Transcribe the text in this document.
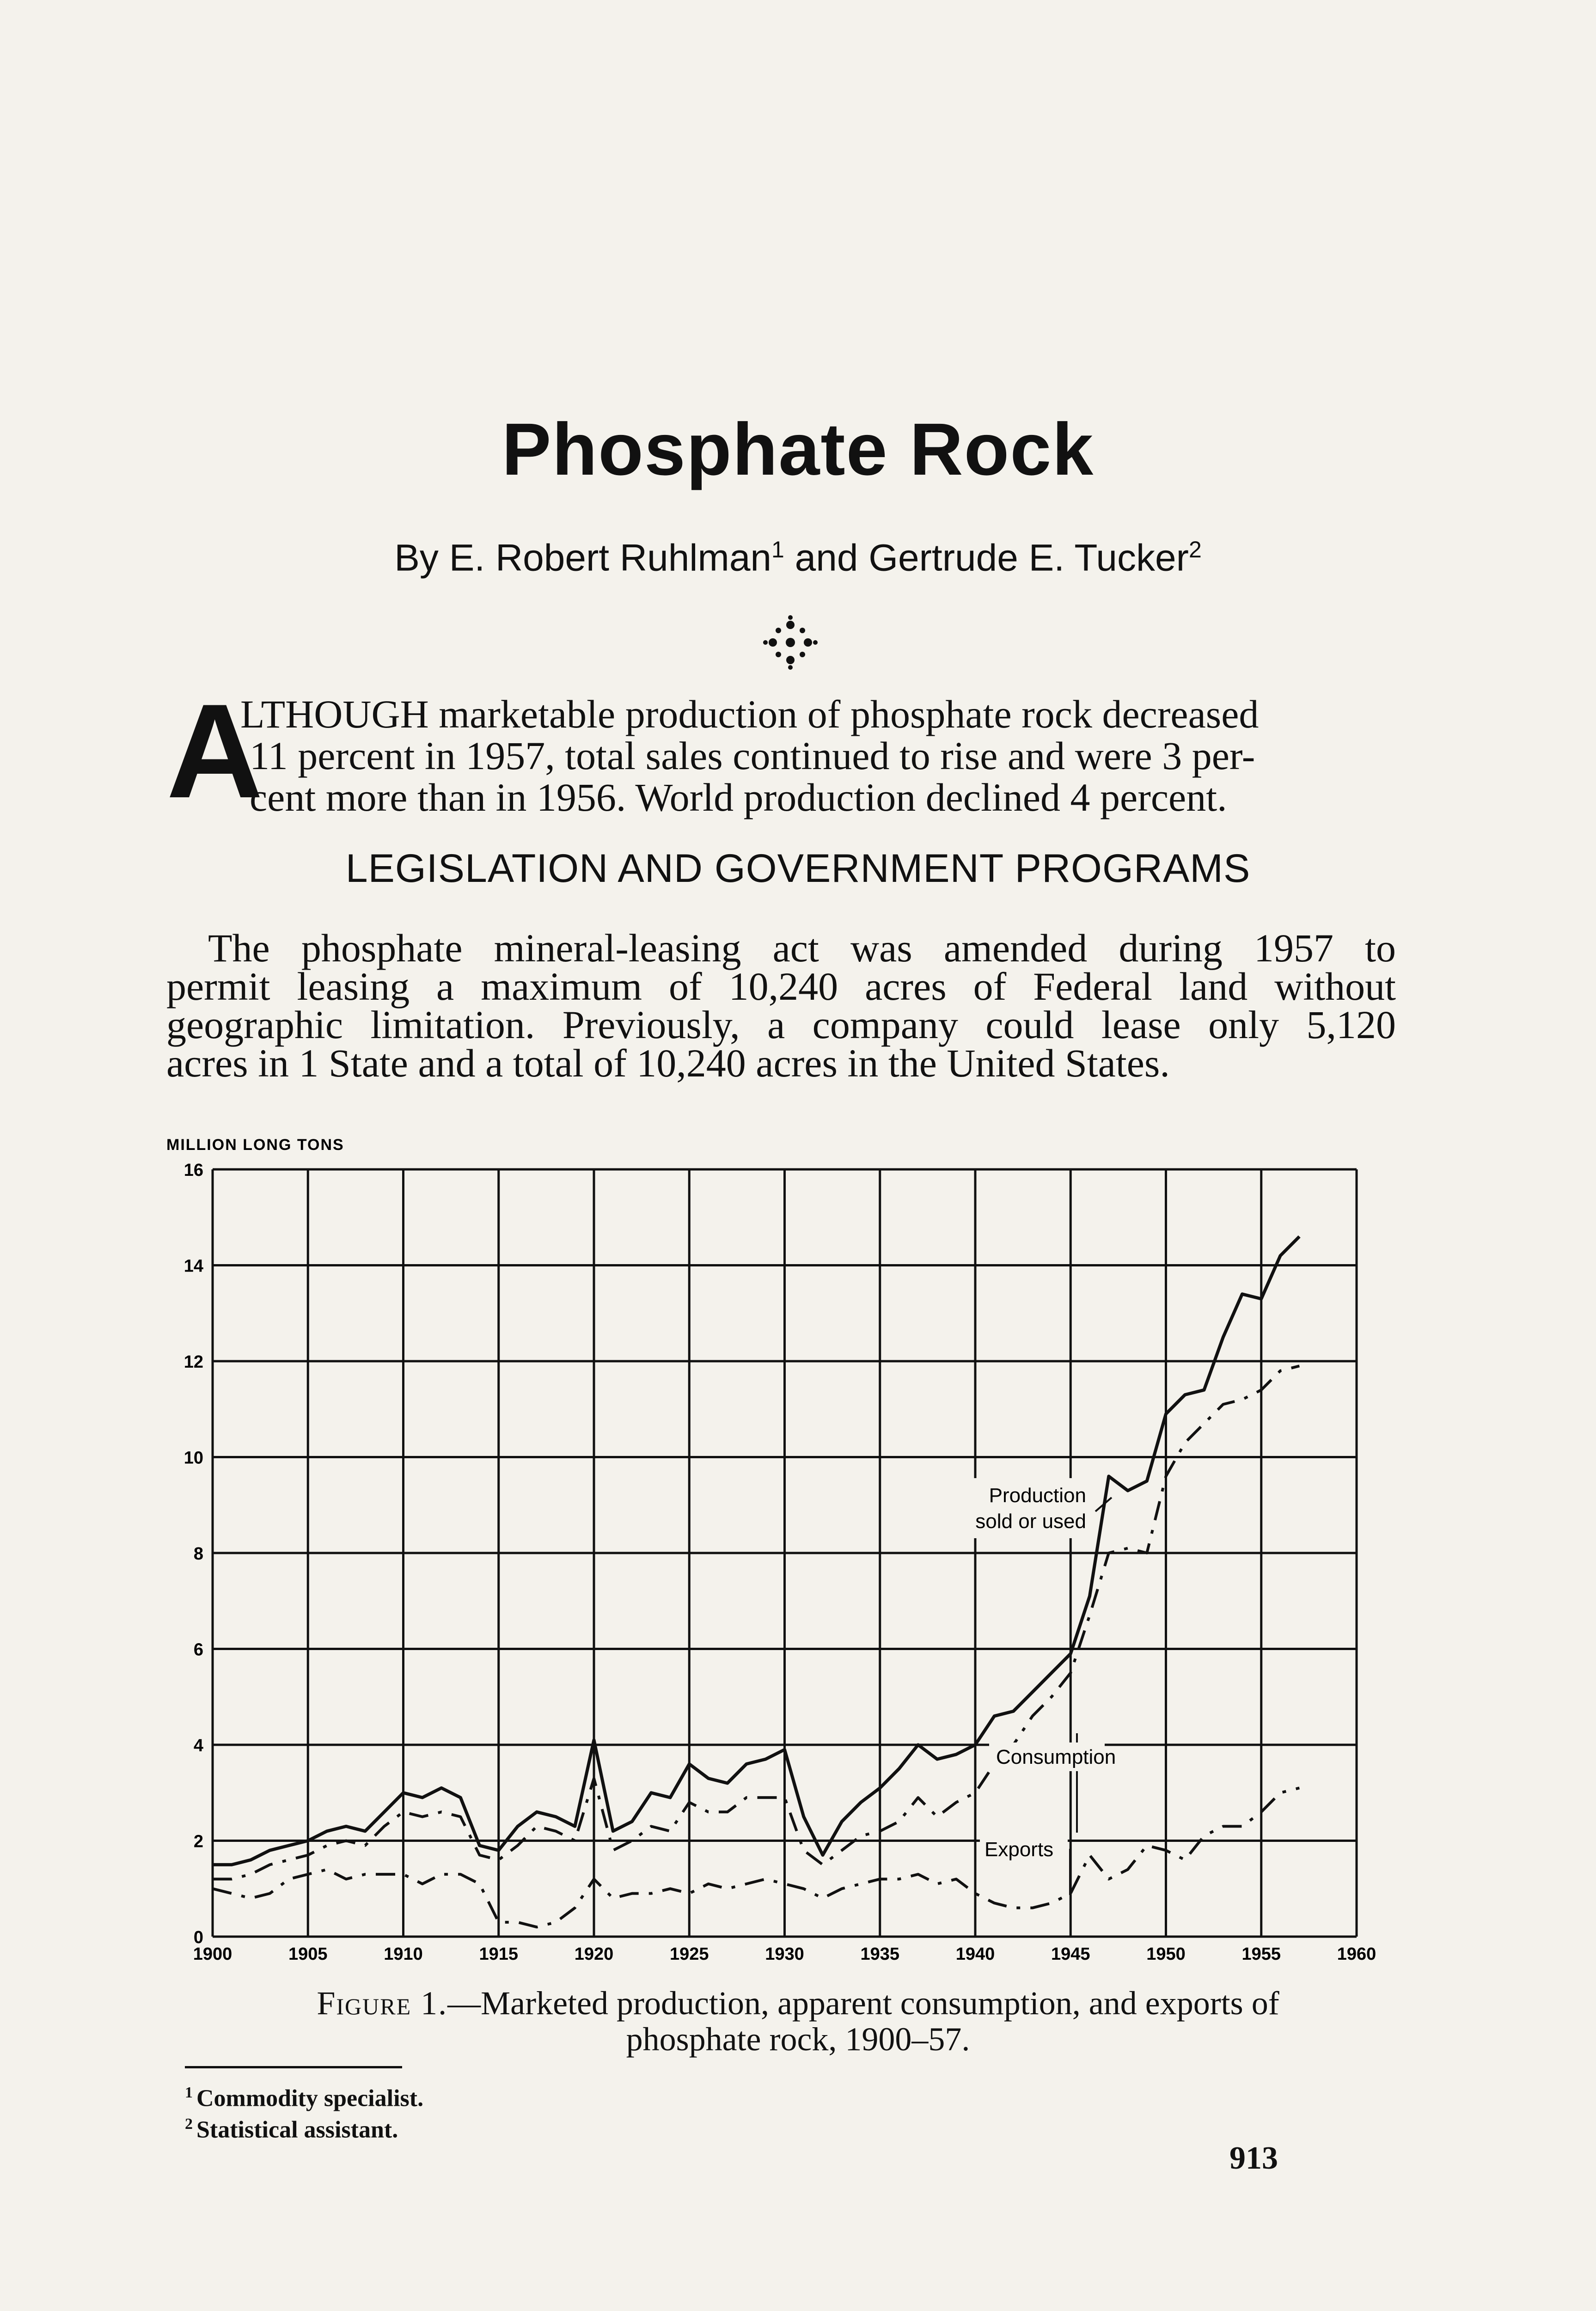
Phosphate Rock
By E. Robert Ruhlman$^1$ and Gertrude E. Tucker$^2$
A
LTHOUGH marketable production of phosphate rock decreased
11 percent in 1957, total sales continued to rise and were 3 per-
cent more than in 1956. World production declined 4 percent.
LEGISLATION AND GOVERNMENT PROGRAMS
The phosphate mineral-leasing act was amended during 1957 to
permit leasing a maximum of 10,240 acres of Federal land without
geographic limitation. Previously, a company could lease only 5,120
acres in 1 State and a total of 10,240 acres in the United States.
0
2
4
6
8
10
12
14
16
1900	1905	1910	1915	1920	1925	1930	1935	1940	1945	1950	1955	1960
MILLION LONG TONS
Production
sold or used
Consumption
Exports
Figure 1.—Marketed production, apparent consumption, and exports of
phosphate rock, 1900–57.
$^1$ Commodity specialist.
$^2$ Statistical assistant.
913
